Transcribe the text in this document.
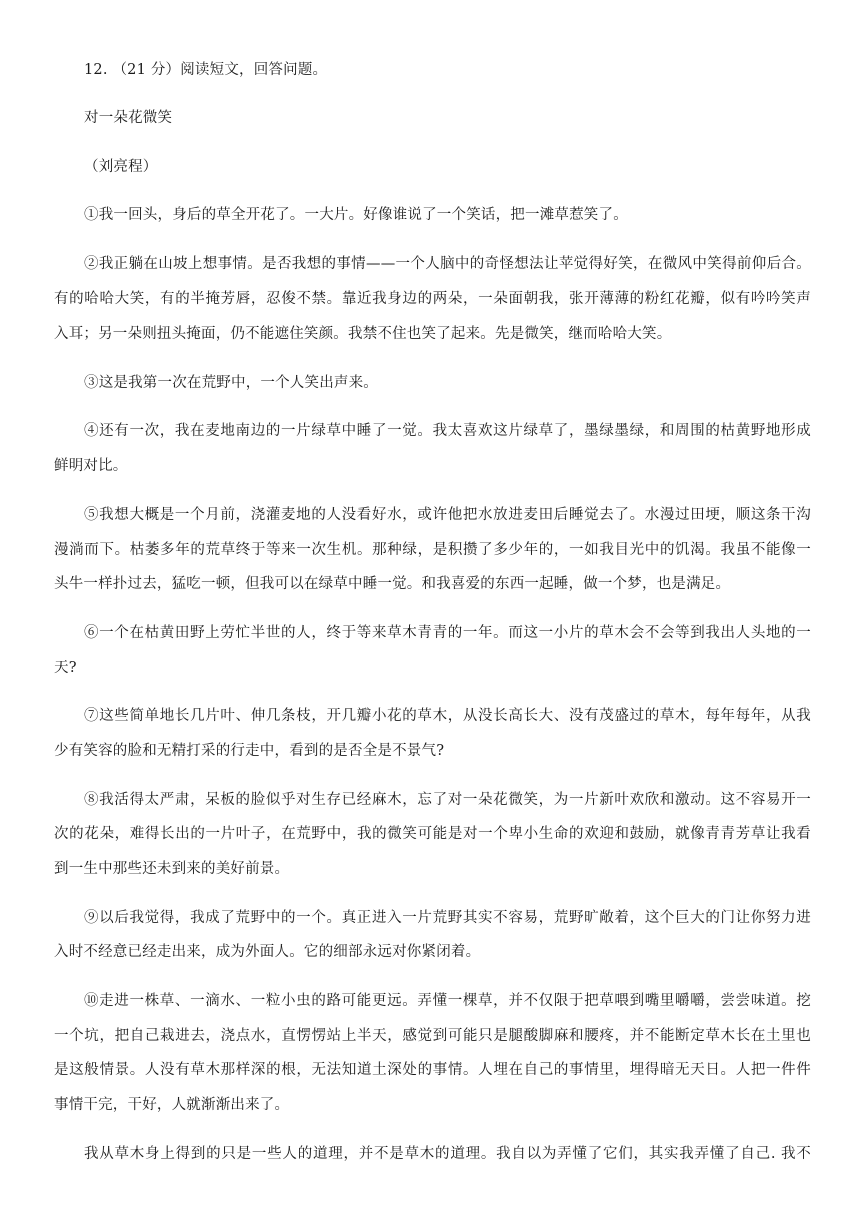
12. （21 分）阅读短文，回答问题。
对一朵花微笑
（刘亮程）
①我一回头，身后的草全开花了。一大片。好像谁说了一个笑话，把一滩草惹笑了。
②我正躺在山坡上想事情。是否我想的事情——一个人脑中的奇怪想法让苹觉得好笑，在微风中笑得前仰后合。
有的哈哈大笑，有的半掩芳唇，忍俊不禁。靠近我身边的两朵，一朵面朝我，张开薄薄的粉红花瓣，似有吟吟笑声
入耳；另一朵则扭头掩面，仍不能遮住笑颜。我禁不住也笑了起来。先是微笑，继而哈哈大笑。
③这是我第一次在荒野中，一个人笑出声来。
④还有一次，我在麦地南边的一片绿草中睡了一觉。我太喜欢这片绿草了，墨绿墨绿，和周围的枯黄野地形成
鲜明对比。
⑤我想大概是一个月前，浇灌麦地的人没看好水，或许他把水放进麦田后睡觉去了。水漫过田埂，顺这条干沟
漫淌而下。枯萎多年的荒草终于等来一次生机。那种绿，是积攒了多少年的，一如我目光中的饥渴。我虽不能像一
头牛一样扑过去，猛吃一顿，但我可以在绿草中睡一觉。和我喜爱的东西一起睡，做一个梦，也是满足。
⑥一个在枯黄田野上劳忙半世的人，终于等来草木青青的一年。而这一小片的草木会不会等到我出人头地的一
天?
⑦这些简单地长几片叶、伸几条枝，开几瓣小花的草木，从没长高长大、没有茂盛过的草木，每年每年，从我
少有笑容的脸和无精打采的行走中，看到的是否全是不景气?
⑧我活得太严肃，呆板的脸似乎对生存已经麻木，忘了对一朵花微笑，为一片新叶欢欣和激动。这不容易开一
次的花朵，难得长出的一片叶子，在荒野中，我的微笑可能是对一个卑小生命的欢迎和鼓励，就像青青芳草让我看
到一生中那些还未到来的美好前景。
⑨以后我觉得，我成了荒野中的一个。真正进入一片荒野其实不容易，荒野旷敞着，这个巨大的门让你努力进
入时不经意已经走出来，成为外面人。它的细部永远对你紧闭着。
⑩走进一株草、一滴水、一粒小虫的路可能更远。弄懂一棵草，并不仅限于把草喂到嘴里嚼嚼，尝尝味道。挖
一个坑，把自己栽进去，浇点水，直愣愣站上半天，感觉到可能只是腿酸脚麻和腰疼，并不能断定草木长在土里也
是这般情景。人没有草木那样深的根，无法知道土深处的事情。人埋在自己的事情里，埋得暗无天日。人把一件件
事情干完，干好，人就渐渐出来了。
我从草木身上得到的只是一些人的道理，并不是草木的道理。我自以为弄懂了它们，其实我弄懂了自己. 我不
